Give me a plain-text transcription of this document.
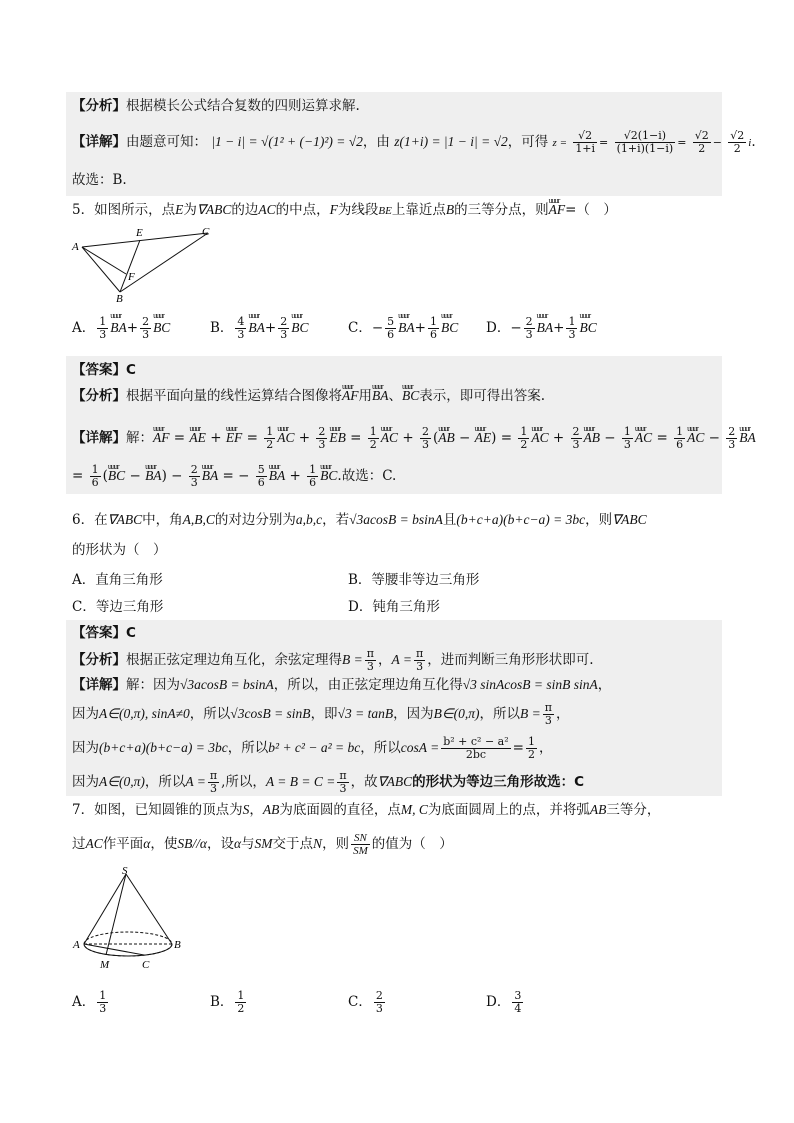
【分析】根据模长公式结合复数的四则运算求解.
【详解】由题意可知： |1 − i| = √(1² + (−1)²) = √2，由 z(1+i) = |1 − i| = √2，可得 $z = \frac{√2}{1+i} = \frac{√2(1-i)}{(1+i)(1-i)} = \frac{√2}{2} - \frac{√2}{2} i$.
故选：B.
5．如图所示，点E为∇ABC的边AC的中点，F为线段BE上靠近点B的三等分点，则uuur AF=（　）
A
B
C
E
F
A． $\frac{1}{3}$ uuur $BA+ \frac{2}{3}$ uuur BC	B． $\frac{4}{3}$ uuur $BA+ \frac{2}{3}$ uuur BC	C．− $\frac{5}{6}$ uuur $BA+ \frac{1}{6}$ uuur BC D．− $\frac{2}{3}$ uuur $BA+ \frac{1}{3}$ uuur BC
【答案】C
【分析】根据平面向量的线性运算结合图像将uuur AF用uuur BA、uuur BC表示，即可得出答案.
【详解】解：uuur AF = uuur AE + uuur EF = $\frac{1}{2}$ uuur AC + $\frac{2}{3}$ uuur EB = $\frac{1}{2}$ uuur AC + $\frac{2}{3}$ (uuur AB − uuur $AE) = \frac{1}{2}$ uuur AC + $\frac{2}{3}$ uuur AB − $\frac{1}{3}$ uuur AC = $\frac{1}{6}$ uuur AC − $\frac{2}{3}$ uuur BA
= $\frac{1}{6}$ (uuur BC − uuur $BA) - \frac{2}{3}$ uuur BA = − $\frac{5}{6}$ uuur BA + $\frac{1}{6}$ uuur BC.故选：C.
6．在∇ABC中，角A,B,C的对边分别为a,b,c，若√3acosB = bsinA且(b+c+a)(b+c−a) = 3bc，则∇ABC
的形状为（　）
A．直角三角形	B．等腰非等边三角形
C．等边三角形	D．钝角三角形
【答案】C
【分析】根据正弦定理边角互化，余弦定理得$B = \frac{\pi}{3}$ ，$A = \frac{\pi}{3}$ ，进而判断三角形形状即可.
【详解】解：因为√3acosB = bsinA，所以，由正弦定理边角互化得√3 sinAcosB = sinB sinA，
因为A∈(0,π), sinA≠0，所以√3cosB = sinB，即√3 = tanB，因为B∈(0,π)，所以$B = \frac{\pi}{3}$ ，
因为(b+c+a)(b+c−a) = 3bc，所以b² + c² − a² = bc，所以$\cos A = \frac{\text{b² + c² − a²}}{2bc} = \frac{1}{2}$ ，
因为A∈(0,π)，所以$A = \frac{\pi}{3}$ ,所以，$A = B = C = \frac{\pi}{3}$ ，故∇ABC的形状为等边三角形故选：C
7．如图，已知圆锥的顶点为S，AB为底面圆的直径，点M, C为底面圆周上的点，并将弧AB三等分，
过AC作平面α，使SB//α，设α与SM交于点N，则 $\frac{SN}{SM}$ 的值为（　）
S
A	B
M	C
A． $\frac{1}{3}$	B． $\frac{1}{2}$	C． $\frac{2}{3}$	D． $\frac{3}{4}$
